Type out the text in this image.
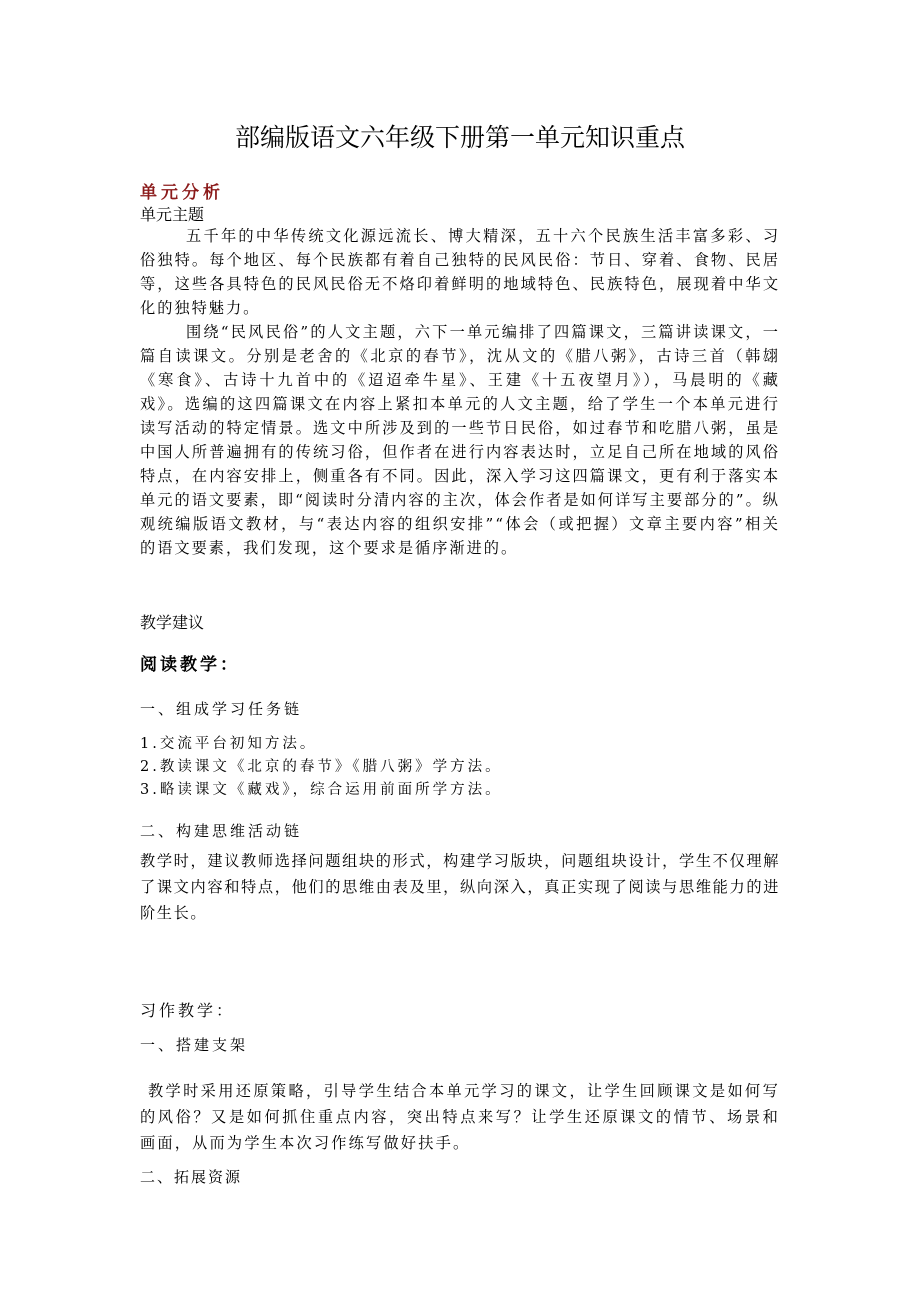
部编版语文六年级下册第一单元知识重点
单元分析
单元主题

五千年的中华传统文化源远流长、博大精深，五十六个民族生活丰富多彩、习俗独特。每个地区、每个民族都有着自己独特的民风民俗：节日、穿着、食物、民居等，这些各具特色的民风民俗无不烙印着鲜明的地域特色、民族特色，展现着中华文化的独特魅力。

围绕“民风民俗”的人文主题，六下一单元编排了四篇课文，三篇讲读课文，一篇自读课文。分别是老舍的《北京的春节》，沈从文的《腊八粥》，古诗三首（韩翃《寒食》、古诗十九首中的《迢迢牵牛星》、王建《十五夜望月》），马晨明的《藏戏》。选编的这四篇课文在内容上紧扣本单元的人文主题，给了学生一个本单元进行读写活动的特定情景。选文中所涉及到的一些节日民俗，如过春节和吃腊八粥，虽是中国人所普遍拥有的传统习俗，但作者在进行内容表达时，立足自己所在地域的风俗特点，在内容安排上，侧重各有不同。因此，深入学习这四篇课文，更有利于落实本单元的语文要素，即“阅读时分清内容的主次，体会作者是如何详写主要部分的”。纵观统编版语文教材，与“表达内容的组织安排”“体会（或把握）文章主要内容”相关的语文要素，我们发现，这个要求是循序渐进的。

教学建议
阅读教学：
一、组成学习任务链
1.交流平台初知方法。
2.教读课文《北京的春节》《腊八粥》学方法。
3.略读课文《藏戏》，综合运用前面所学方法。
二、构建思维活动链

教学时，建议教师选择问题组块的形式，构建学习版块，问题组块设计，学生不仅理解了课文内容和特点，他们的思维由表及里，纵向深入，真正实现了阅读与思维能力的进阶生长。

习作教学：
一、搭建支架

教学时采用还原策略，引导学生结合本单元学习的课文，让学生回顾课文是如何写的风俗？又是如何抓住重点内容，突出特点来写？让学生还原课文的情节、场景和画面，从而为学生本次习作练写做好扶手。

二、拓展资源
